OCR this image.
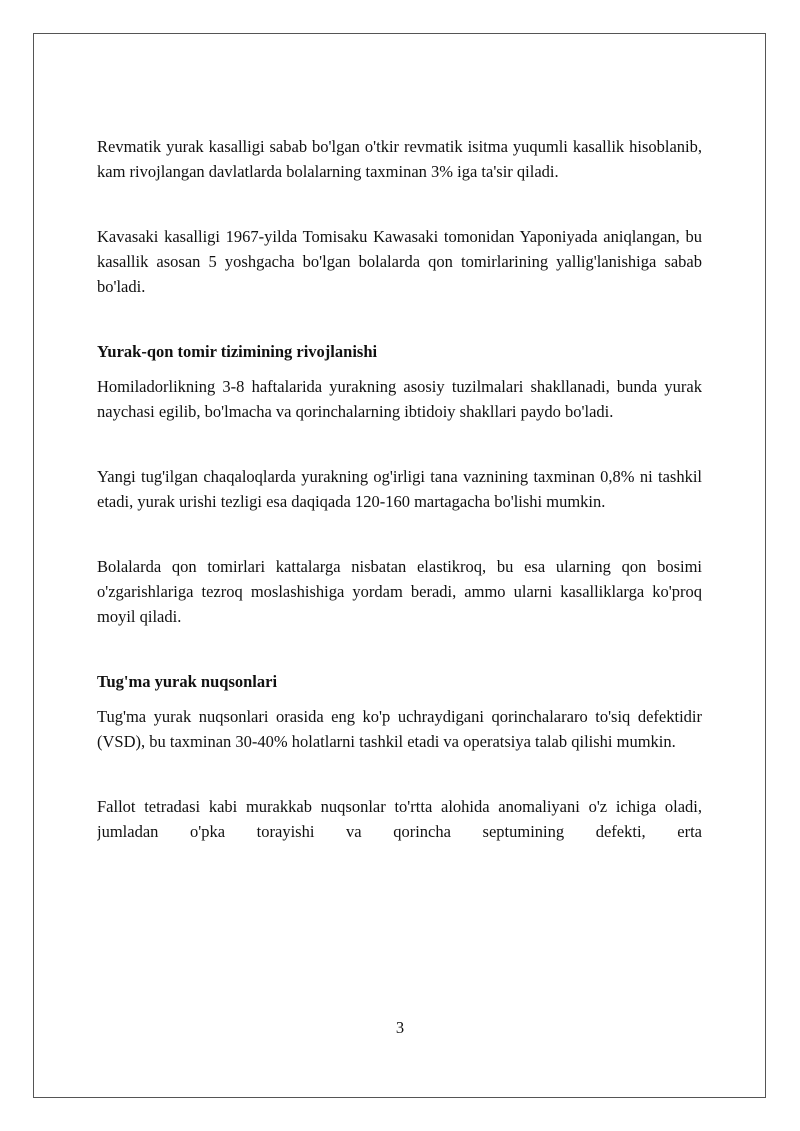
Revmatik yurak kasalligi sabab bo'lgan o'tkir revmatik isitma yuqumli kasallik hisoblanib, kam rivojlangan davlatlarda bolalarning taxminan 3% iga ta'sir qiladi.

Kavasaki kasalligi 1967-yilda Tomisaku Kawasaki tomonidan Yaponiyada aniqlangan, bu kasallik asosan 5 yoshgacha bo'lgan bolalarda qon tomirlarining yallig'lanishiga sabab bo'ladi.

Yurak-qon tomir tizimining rivojlanishi

Homiladorlikning 3-8 haftalarida yurakning asosiy tuzilmalari shakllanadi, bunda yurak naychasi egilib, bo'lmacha va qorinchalarning ibtidoiy shakllari paydo bo'ladi.

Yangi tug'ilgan chaqaloqlarda yurakning og'irligi tana vaznining taxminan 0,8% ni tashkil etadi, yurak urishi tezligi esa daqiqada 120-160 martagacha bo'lishi mumkin.

Bolalarda qon tomirlari kattalarga nisbatan elastikroq, bu esa ularning qon bosimi o'zgarishlariga tezroq moslashishiga yordam beradi, ammo ularni kasalliklarga ko'proq moyil qiladi.

Tug'ma yurak nuqsonlari

Tug'ma yurak nuqsonlari orasida eng ko'p uchraydigani qorinchalararo to'siq defektidir (VSD), bu taxminan 30-40% holatlarni tashkil etadi va operatsiya talab qilishi mumkin.

Fallot tetradasi kabi murakkab nuqsonlar to'rtta alohida anomaliyani o'z ichiga oladi, jumladan o'pka torayishi va qorincha septumining defekti, erta

3
